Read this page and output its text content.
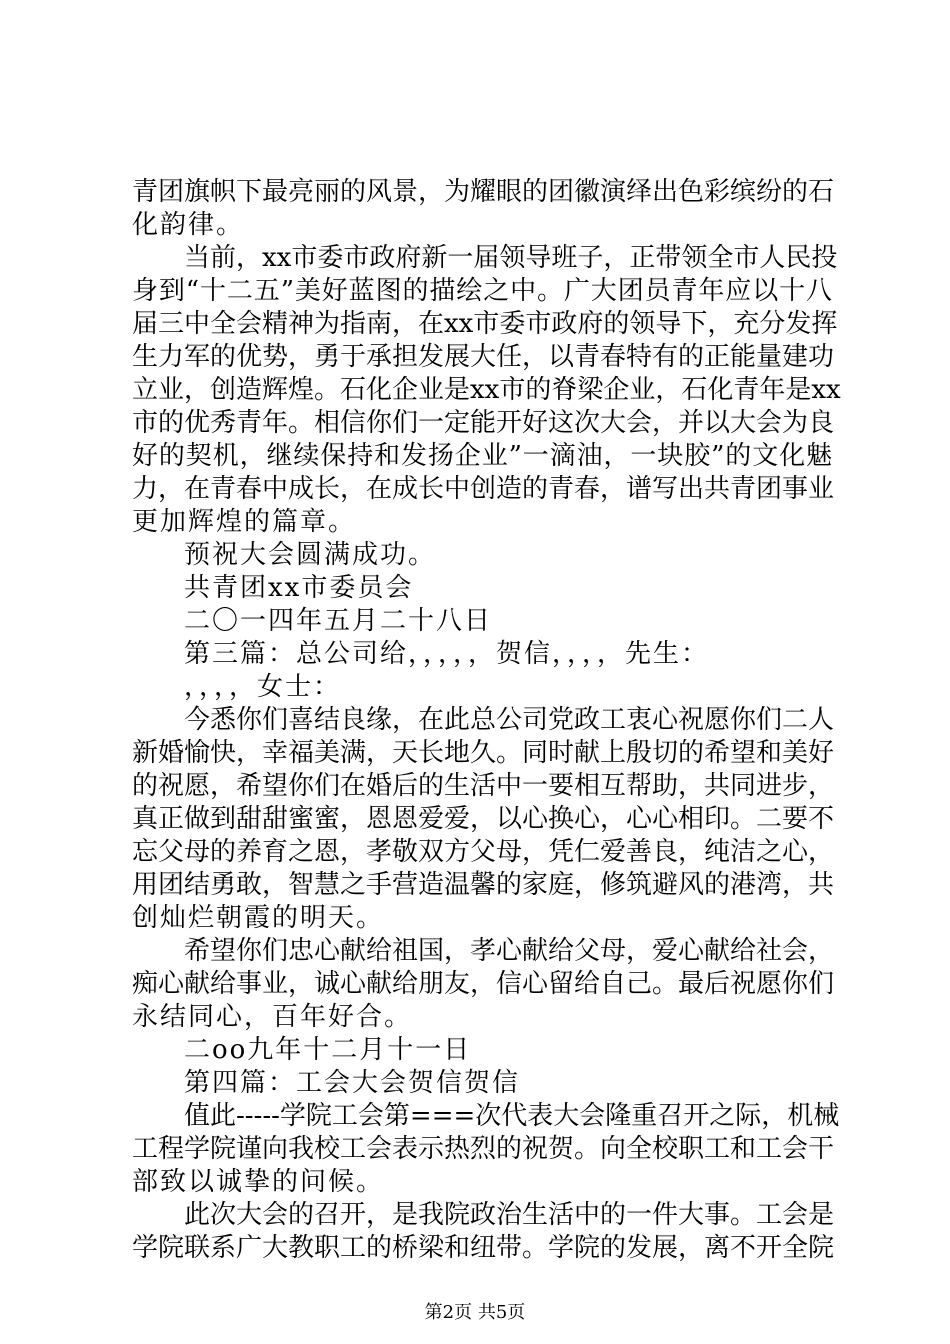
青团旗帜下最亮丽的风景，为耀眼的团徽演绎出色彩缤纷的石
化韵律。
当前，xx市委市政府新一届领导班子，正带领全市人民投
身到“十二五”美好蓝图的描绘之中。广大团员青年应以十八
届三中全会精神为指南，在xx市委市政府的领导下，充分发挥
生力军的优势，勇于承担发展大任，以青春特有的正能量建功
立业，创造辉煌。石化企业是xx市的脊梁企业，石化青年是xx
市的优秀青年。相信你们一定能开好这次大会，并以大会为良
好的契机，继续保持和发扬企业”一滴油，一块胶”的文化魅
力，在青春中成长，在成长中创造的青春，谱写出共青团事业
更加辉煌的篇章。
预祝大会圆满成功。
共青团xx市委员会
二〇一四年五月二十八日
第三篇：总公司给，，，，，贺信，，，，先生：
，，，，女士：
今悉你们喜结良缘，在此总公司党政工衷心祝愿你们二人
新婚愉快，幸福美满，天长地久。同时献上殷切的希望和美好
的祝愿，希望你们在婚后的生活中一要相互帮助，共同进步，
真正做到甜甜蜜蜜，恩恩爱爱，以心换心，心心相印。二要不
忘父母的养育之恩，孝敬双方父母，凭仁爱善良，纯洁之心，
用团结勇敢，智慧之手营造温馨的家庭，修筑避风的港湾，共
创灿烂朝霞的明天。
希望你们忠心献给祖国，孝心献给父母，爱心献给社会，
痴心献给事业，诚心献给朋友，信心留给自己。最后祝愿你们
永结同心，百年好合。
二oo九年十二月十一日
第四篇：工会大会贺信贺信
值此-----学院工会第===次代表大会隆重召开之际，机械
工程学院谨向我校工会表示热烈的祝贺。向全校职工和工会干
部致以诚挚的问候。
此次大会的召开，是我院政治生活中的一件大事。工会是
学院联系广大教职工的桥梁和纽带。学院的发展，离不开全院
第2页 共5页
